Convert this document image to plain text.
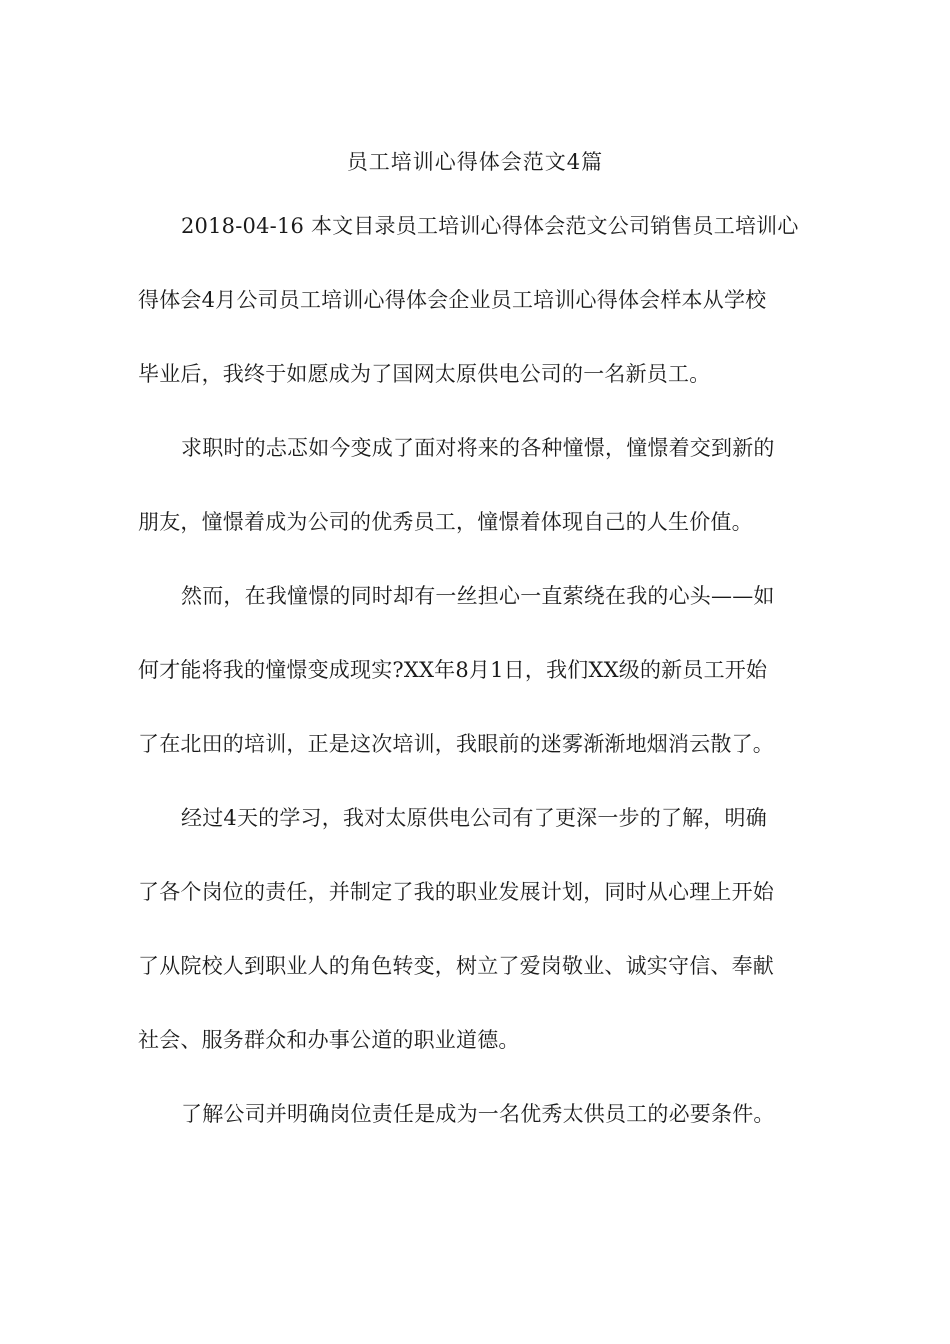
员工培训心得体会范文4篇
2018-04-16 本文目录员工培训心得体会范文公司销售员工培训心
得体会4月公司员工培训心得体会企业员工培训心得体会样本从学校
毕业后，我终于如愿成为了国网太原供电公司的一名新员工。
求职时的忐忑如今变成了面对将来的各种憧憬，憧憬着交到新的
朋友，憧憬着成为公司的优秀员工，憧憬着体现自己的人生价值。
然而，在我憧憬的同时却有一丝担心一直萦绕在我的心头——如
何才能将我的憧憬变成现实?XX年8月1日，我们XX级的新员工开始
了在北田的培训，正是这次培训，我眼前的迷雾渐渐地烟消云散了。
经过4天的学习，我对太原供电公司有了更深一步的了解，明确
了各个岗位的责任，并制定了我的职业发展计划，同时从心理上开始
了从院校人到职业人的角色转变，树立了爱岗敬业、诚实守信、奉献
社会、服务群众和办事公道的职业道德。
了解公司并明确岗位责任是成为一名优秀太供员工的必要条件。
